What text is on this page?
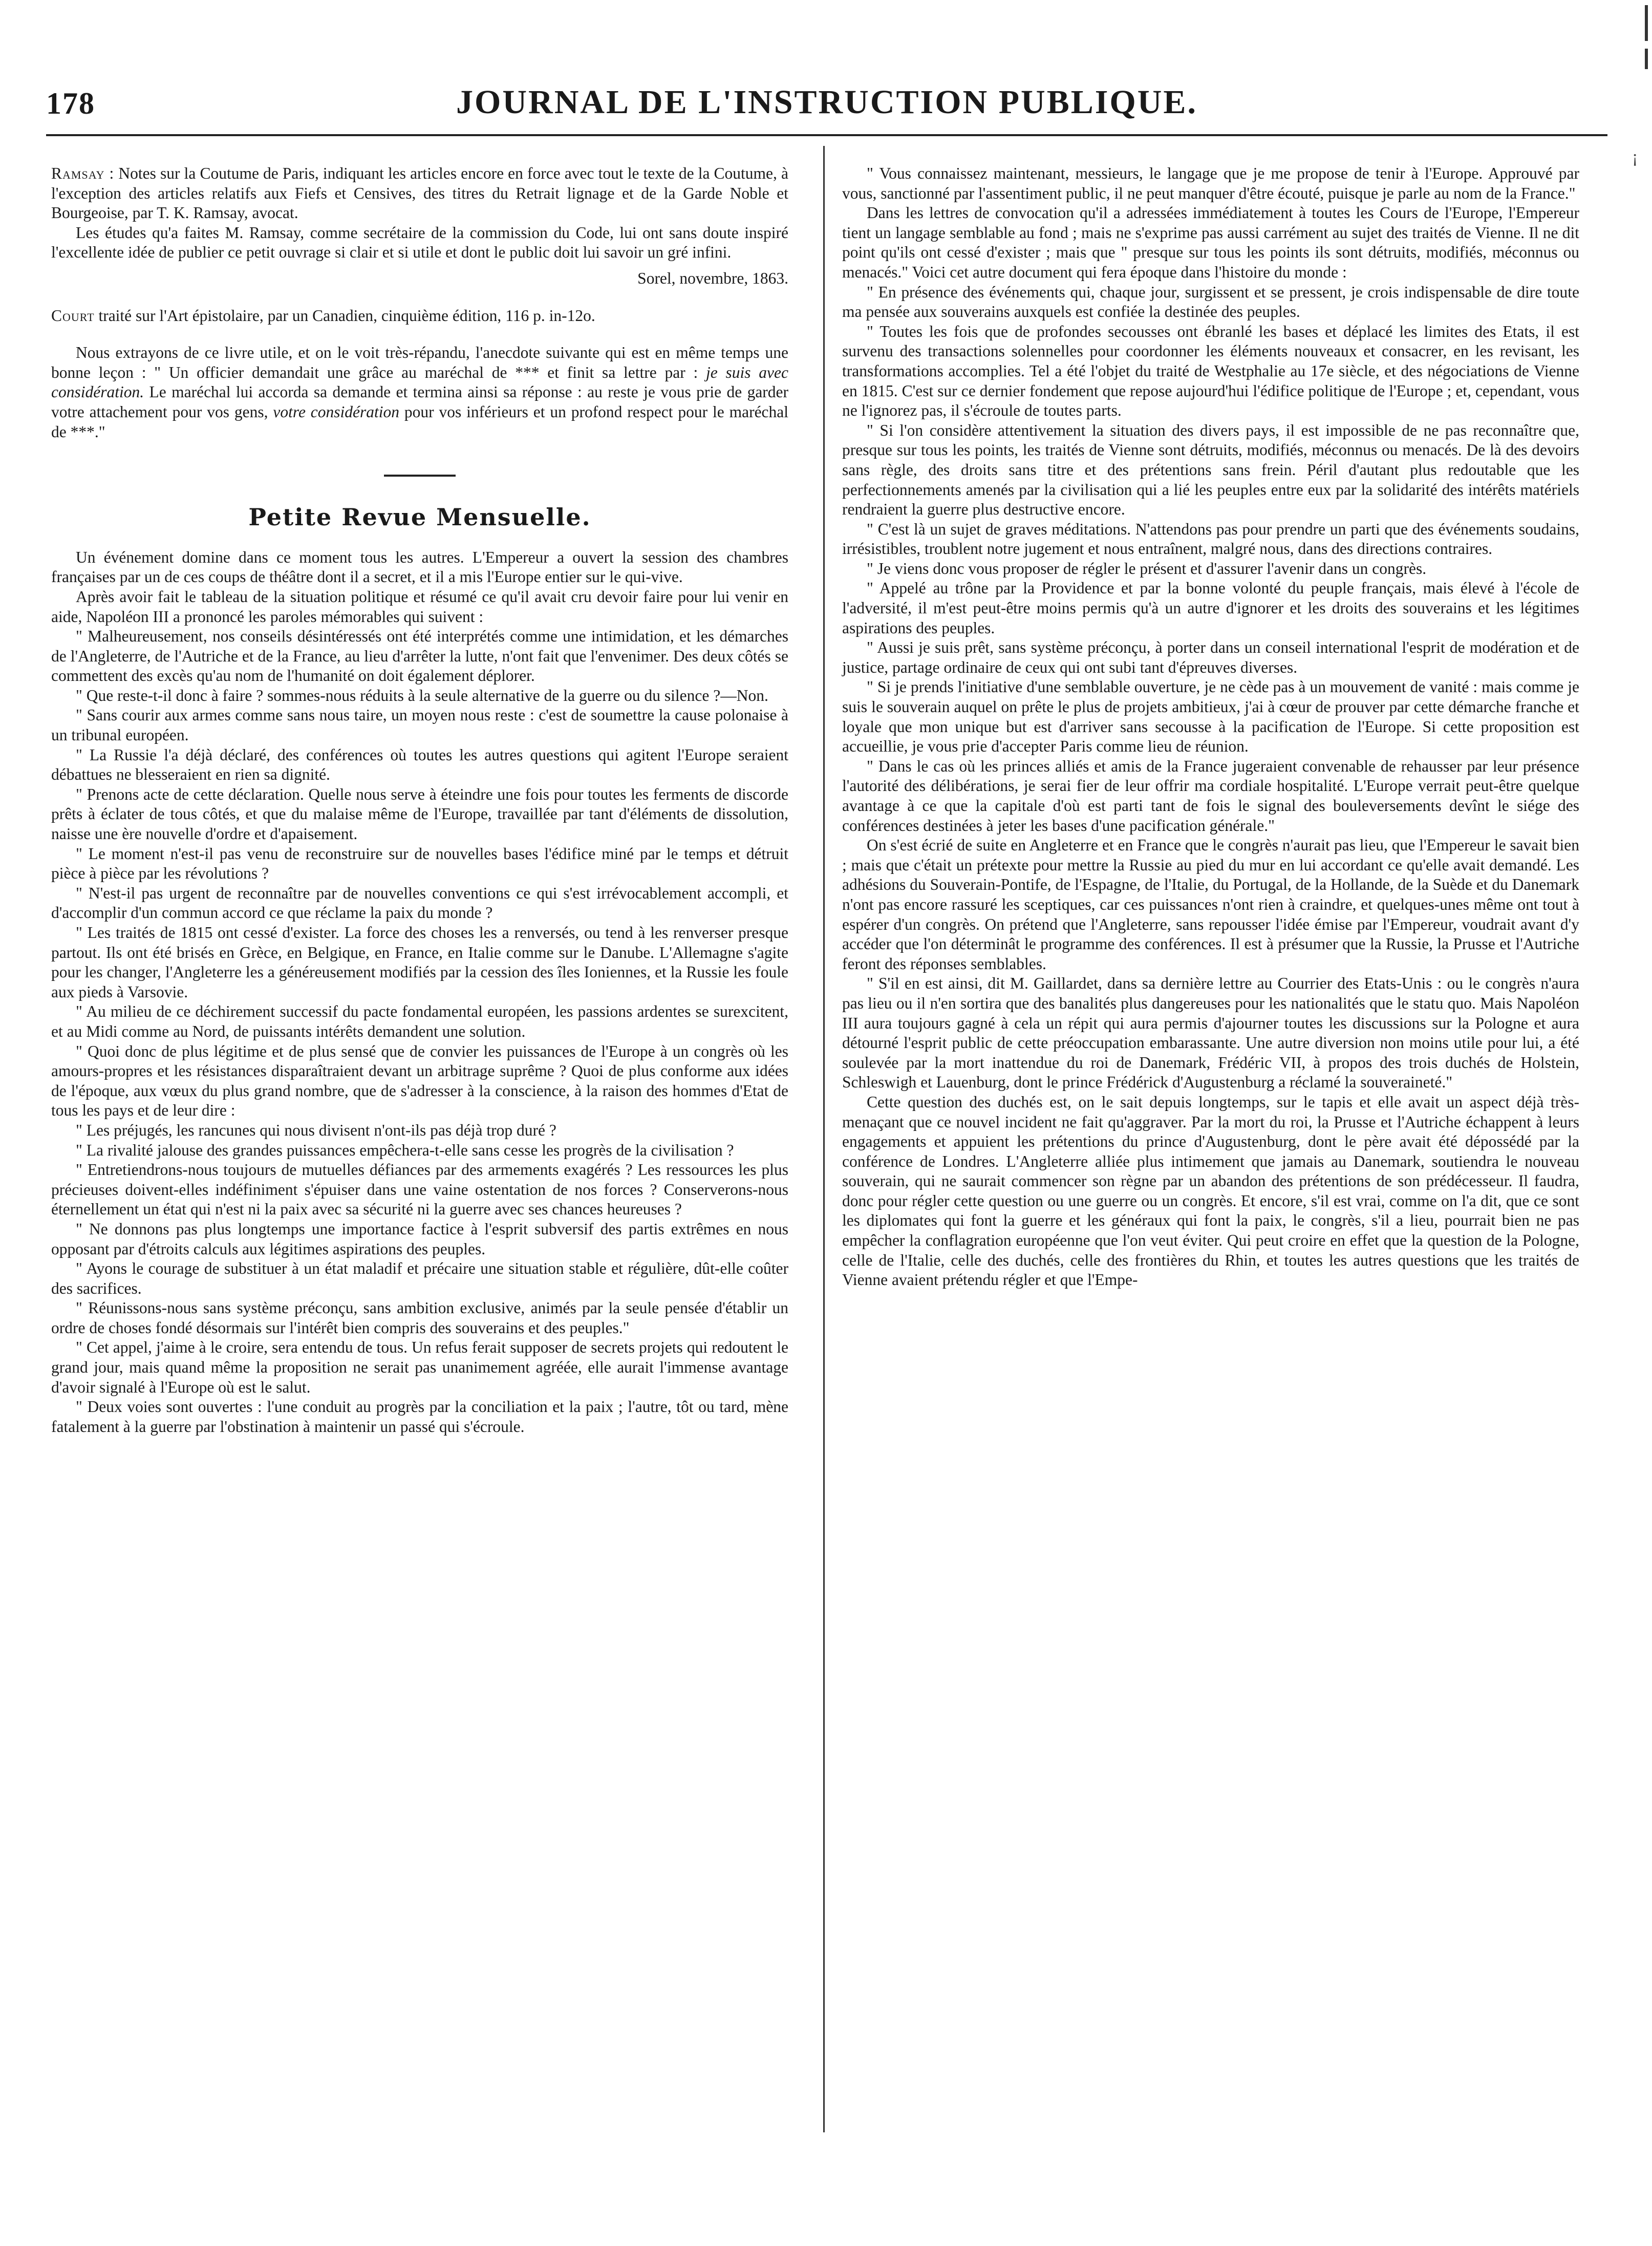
178	JOURNAL DE L'INSTRUCTION PUBLIQUE.
¡

Ramsay : Notes sur la Coutume de Paris, indiquant les articles encore en force avec tout le texte de la Coutume, à l'exception des articles relatifs aux Fiefs et Censives, des titres du Retrait lignage et de la Garde Noble et Bourgeoise, par T. K. Ramsay, avocat.

Les études qu'a faites M. Ramsay, comme secrétaire de la commission du Code, lui ont sans doute inspiré l'excellente idée de publier ce petit ouvrage si clair et si utile et dont le public doit lui savoir un gré infini.

Sorel, novembre, 1863.

Court traité sur l'Art épistolaire, par un Canadien, cinquième édition, 116 p. in-12o.

Nous extrayons de ce livre utile, et on le voit très-répandu, l'anecdote suivante qui est en même temps une bonne leçon : " Un officier demandait une grâce au maréchal de *** et finit sa lettre par : je suis avec considération. Le maréchal lui accorda sa demande et termina ainsi sa réponse : au reste je vous prie de garder votre attachement pour vos gens, votre considération pour vos inférieurs et un profond respect pour le maréchal de ***."

Petite Revue Mensuelle.

Un événement domine dans ce moment tous les autres. L'Empereur a ouvert la session des chambres françaises par un de ces coups de théâtre dont il a secret, et il a mis l'Europe entier sur le qui-vive.

Après avoir fait le tableau de la situation politique et résumé ce qu'il avait cru devoir faire pour lui venir en aide, Napoléon III a prononcé les paroles mémorables qui suivent :

" Malheureusement, nos conseils désintéressés ont été interprétés comme une intimidation, et les démarches de l'Angleterre, de l'Autriche et de la France, au lieu d'arrêter la lutte, n'ont fait que l'envenimer. Des deux côtés se commettent des excès qu'au nom de l'humanité on doit également déplorer.

" Que reste-t-il donc à faire ? sommes-nous réduits à la seule alternative de la guerre ou du silence ?—Non.

" Sans courir aux armes comme sans nous taire, un moyen nous reste : c'est de soumettre la cause polonaise à un tribunal européen.

" La Russie l'a déjà déclaré, des conférences où toutes les autres questions qui agitent l'Europe seraient débattues ne blesseraient en rien sa dignité.

" Prenons acte de cette déclaration. Quelle nous serve à éteindre une fois pour toutes les ferments de discorde prêts à éclater de tous côtés, et que du malaise même de l'Europe, travaillée par tant d'éléments de dissolution, naisse une ère nouvelle d'ordre et d'apaisement.

" Le moment n'est-il pas venu de reconstruire sur de nouvelles bases l'édifice miné par le temps et détruit pièce à pièce par les révolutions ?

" N'est-il pas urgent de reconnaître par de nouvelles conventions ce qui s'est irrévocablement accompli, et d'accomplir d'un commun accord ce que réclame la paix du monde ?

" Les traités de 1815 ont cessé d'exister. La force des choses les a renversés, ou tend à les renverser presque partout. Ils ont été brisés en Grèce, en Belgique, en France, en Italie comme sur le Danube. L'Allemagne s'agite pour les changer, l'Angleterre les a généreusement modifiés par la cession des îles Ioniennes, et la Russie les foule aux pieds à Varsovie.

" Au milieu de ce déchirement successif du pacte fondamental européen, les passions ardentes se surexcitent, et au Midi comme au Nord, de puissants intérêts demandent une solution.

" Quoi donc de plus légitime et de plus sensé que de convier les puissances de l'Europe à un congrès où les amours-propres et les résistances disparaîtraient devant un arbitrage suprême ? Quoi de plus conforme aux idées de l'époque, aux vœux du plus grand nombre, que de s'adresser à la conscience, à la raison des hommes d'Etat de tous les pays et de leur dire :

" Les préjugés, les rancunes qui nous divisent n'ont-ils pas déjà trop duré ?

" La rivalité jalouse des grandes puissances empêchera-t-elle sans cesse les progrès de la civilisation ?

" Entretiendrons-nous toujours de mutuelles défiances par des armements exagérés ? Les ressources les plus précieuses doivent-elles indéfiniment s'épuiser dans une vaine ostentation de nos forces ? Conserverons-nous éternellement un état qui n'est ni la paix avec sa sécurité ni la guerre avec ses chances heureuses ?

" Ne donnons pas plus longtemps une importance factice à l'esprit subversif des partis extrêmes en nous opposant par d'étroits calculs aux légitimes aspirations des peuples.

" Ayons le courage de substituer à un état maladif et précaire une situation stable et régulière, dût-elle coûter des sacrifices.

" Réunissons-nous sans système préconçu, sans ambition exclusive, animés par la seule pensée d'établir un ordre de choses fondé désormais sur l'intérêt bien compris des souverains et des peuples."

" Cet appel, j'aime à le croire, sera entendu de tous. Un refus ferait supposer de secrets projets qui redoutent le grand jour, mais quand même la proposition ne serait pas unanimement agréée, elle aurait l'immense avantage d'avoir signalé à l'Europe où est le salut.

" Deux voies sont ouvertes : l'une conduit au progrès par la conciliation et la paix ; l'autre, tôt ou tard, mène fatalement à la guerre par l'obstination à maintenir un passé qui s'écroule.

" Vous connaissez maintenant, messieurs, le langage que je me propose de tenir à l'Europe. Approuvé par vous, sanctionné par l'assentiment public, il ne peut manquer d'être écouté, puisque je parle au nom de la France."

Dans les lettres de convocation qu'il a adressées immédiatement à toutes les Cours de l'Europe, l'Empereur tient un langage semblable au fond ; mais ne s'exprime pas aussi carrément au sujet des traités de Vienne. Il ne dit point qu'ils ont cessé d'exister ; mais que " presque sur tous les points ils sont détruits, modifiés, méconnus ou menacés." Voici cet autre document qui fera époque dans l'histoire du monde :

" En présence des événements qui, chaque jour, surgissent et se pressent, je crois indispensable de dire toute ma pensée aux souverains auxquels est confiée la destinée des peuples.

" Toutes les fois que de profondes secousses ont ébranlé les bases et déplacé les limites des Etats, il est survenu des transactions solennelles pour coordonner les éléments nouveaux et consacrer, en les revisant, les transformations accomplies. Tel a été l'objet du traité de Westphalie au 17e siècle, et des négociations de Vienne en 1815. C'est sur ce dernier fondement que repose aujourd'hui l'édifice politique de l'Europe ; et, cependant, vous ne l'ignorez pas, il s'écroule de toutes parts.

" Si l'on considère attentivement la situation des divers pays, il est impossible de ne pas reconnaître que, presque sur tous les points, les traités de Vienne sont détruits, modifiés, méconnus ou menacés. De là des devoirs sans règle, des droits sans titre et des prétentions sans frein. Péril d'autant plus redoutable que les perfectionnements amenés par la civilisation qui a lié les peuples entre eux par la solidarité des intérêts matériels rendraient la guerre plus destructive encore.

" C'est là un sujet de graves méditations. N'attendons pas pour prendre un parti que des événements soudains, irrésistibles, troublent notre jugement et nous entraînent, malgré nous, dans des directions contraires.

" Je viens donc vous proposer de régler le présent et d'assurer l'avenir dans un congrès.

" Appelé au trône par la Providence et par la bonne volonté du peuple français, mais élevé à l'école de l'adversité, il m'est peut-être moins permis qu'à un autre d'ignorer et les droits des souverains et les légitimes aspirations des peuples.

" Aussi je suis prêt, sans système préconçu, à porter dans un conseil international l'esprit de modération et de justice, partage ordinaire de ceux qui ont subi tant d'épreuves diverses.

" Si je prends l'initiative d'une semblable ouverture, je ne cède pas à un mouvement de vanité : mais comme je suis le souverain auquel on prête le plus de projets ambitieux, j'ai à cœur de prouver par cette démarche franche et loyale que mon unique but est d'arriver sans secousse à la pacification de l'Europe. Si cette proposition est accueillie, je vous prie d'accepter Paris comme lieu de réunion.

" Dans le cas où les princes alliés et amis de la France jugeraient convenable de rehausser par leur présence l'autorité des délibérations, je serai fier de leur offrir ma cordiale hospitalité. L'Europe verrait peut-être quelque avantage à ce que la capitale d'où est parti tant de fois le signal des bouleversements devînt le siége des conférences destinées à jeter les bases d'une pacification générale."

On s'est écrié de suite en Angleterre et en France que le congrès n'aurait pas lieu, que l'Empereur le savait bien ; mais que c'était un prétexte pour mettre la Russie au pied du mur en lui accordant ce qu'elle avait demandé. Les adhésions du Souverain-Pontife, de l'Espagne, de l'Italie, du Portugal, de la Hollande, de la Suède et du Danemark n'ont pas encore rassuré les sceptiques, car ces puissances n'ont rien à craindre, et quelques-unes même ont tout à espérer d'un congrès. On prétend que l'Angleterre, sans repousser l'idée émise par l'Empereur, voudrait avant d'y accéder que l'on déterminât le programme des conférences. Il est à présumer que la Russie, la Prusse et l'Autriche feront des réponses semblables.

" S'il en est ainsi, dit M. Gaillardet, dans sa dernière lettre au Courrier des Etats-Unis : ou le congrès n'aura pas lieu ou il n'en sortira que des banalités plus dangereuses pour les nationalités que le statu quo. Mais Napoléon III aura toujours gagné à cela un répit qui aura permis d'ajourner toutes les discussions sur la Pologne et aura détourné l'esprit public de cette préoccupation embarassante. Une autre diversion non moins utile pour lui, a été soulevée par la mort inattendue du roi de Danemark, Frédéric VII, à propos des trois duchés de Holstein, Schleswigh et Lauenburg, dont le prince Frédérick d'Augustenburg a réclamé la souveraineté."

Cette question des duchés est, on le sait depuis longtemps, sur le tapis et elle avait un aspect déjà très-menaçant que ce nouvel incident ne fait qu'aggraver. Par la mort du roi, la Prusse et l'Autriche échappent à leurs engagements et appuient les prétentions du prince d'Augustenburg, dont le père avait été dépossédé par la conférence de Londres. L'Angleterre alliée plus intimement que jamais au Danemark, soutiendra le nouveau souverain, qui ne saurait commencer son règne par un abandon des prétentions de son prédécesseur. Il faudra, donc pour régler cette question ou une guerre ou un congrès. Et encore, s'il est vrai, comme on l'a dit, que ce sont les diplomates qui font la guerre et les généraux qui font la paix, le congrès, s'il a lieu, pourrait bien ne pas empêcher la conflagration européenne que l'on veut éviter. Qui peut croire en effet que la question de la Pologne, celle de l'Italie, celle des duchés, celle des frontières du Rhin, et toutes les autres questions que les traités de Vienne avaient prétendu régler et que l'Empe-
